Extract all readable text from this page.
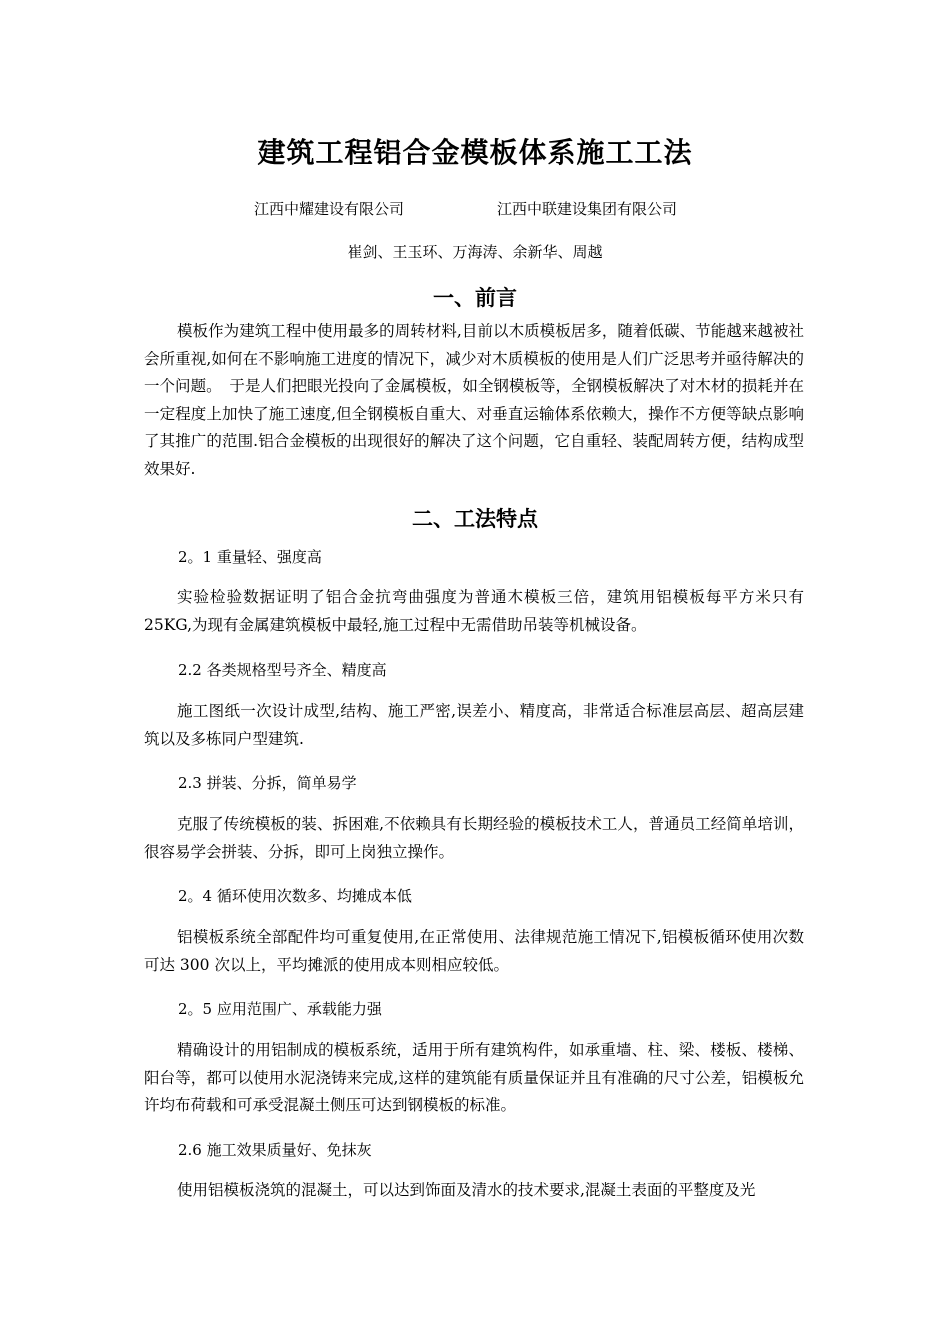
建筑工程铝合金模板体系施工工法
江西中耀建设有限公司	江西中联建设集团有限公司
崔剑、王玉环、万海涛、余新华、周越
一、前言
模板作为建筑工程中使用最多的周转材料,目前以木质模板居多，随着低碳、节能越来越被社会所重视,如何在不影响施工进度的情况下，减少对木质模板的使用是人们广泛思考并亟待解决的一个问题。　于是人们把眼光投向了金属模板，如全钢模板等，全钢模板解决了对木材的损耗并在一定程度上加快了施工速度,但全钢模板自重大、对垂直运输体系依赖大，操作不方便等缺点影响了其推广的范围.铝合金模板的出现很好的解决了这个问题，它自重轻、装配周转方便，结构成型效果好.
二、工法特点
2。1 重量轻、强度高
实验检验数据证明了铝合金抗弯曲强度为普通木模板三倍，建筑用铝模板每平方米只有25KG,为现有金属建筑模板中最轻,施工过程中无需借助吊装等机械设备。
2.2 各类规格型号齐全、精度高
施工图纸一次设计成型,结构、施工严密,误差小、精度高，非常适合标准层高层、超高层建筑以及多栋同户型建筑.
2.3 拼装、分拆，简单易学
克服了传统模板的装、拆困难,不依赖具有长期经验的模板技术工人，普通员工经简单培训，很容易学会拼装、分拆，即可上岗独立操作。
2。4 循环使用次数多、均摊成本低
铝模板系统全部配件均可重复使用,在正常使用、法律规范施工情况下,铝模板循环使用次数可达 300 次以上，平均摊派的使用成本则相应较低。
2。5 应用范围广、承载能力强
精确设计的用铝制成的模板系统，适用于所有建筑构件，如承重墙、柱、梁、楼板、楼梯、阳台等，都可以使用水泥浇铸来完成,这样的建筑能有质量保证并且有准确的尺寸公差，铝模板允许均布荷载和可承受混凝土侧压可达到钢模板的标准。
2.6 施工效果质量好、免抹灰
使用铝模板浇筑的混凝土，可以达到饰面及清水的技术要求,混凝土表面的平整度及光
